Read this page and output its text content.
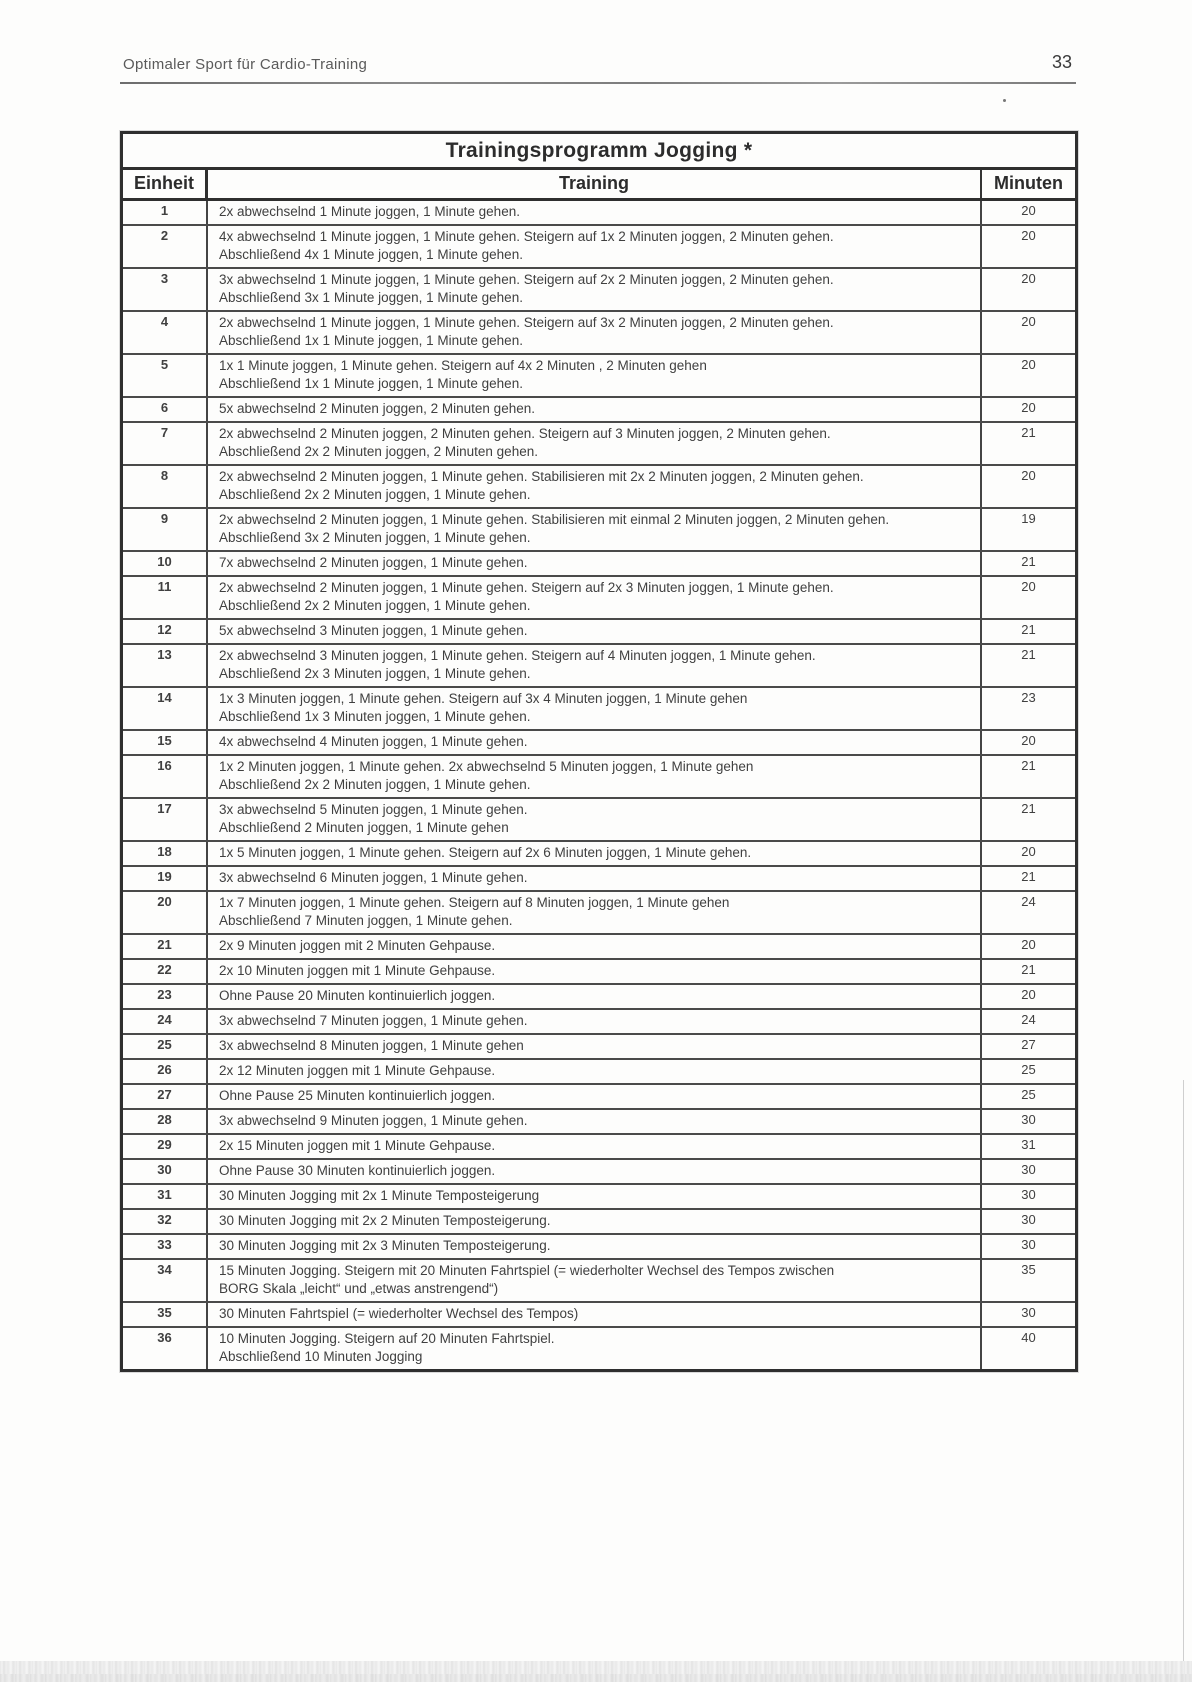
Optimaler Sport für Cardio-Training	33
Trainingsprogramm Jogging *
Einheit	Training	Minuten
1	2x abwechselnd 1 Minute joggen, 1 Minute gehen.	20
2	4x abwechselnd 1 Minute joggen, 1 Minute gehen. Steigern auf 1x 2 Minuten joggen, 2 Minuten gehen.
Abschließend 4x 1 Minute joggen, 1 Minute gehen.
20
3	3x abwechselnd 1 Minute joggen, 1 Minute gehen. Steigern auf 2x 2 Minuten joggen, 2 Minuten gehen.
Abschließend 3x 1 Minute joggen, 1 Minute gehen.
20
4	2x abwechselnd 1 Minute joggen, 1 Minute gehen. Steigern auf 3x 2 Minuten joggen, 2 Minuten gehen.
Abschließend 1x 1 Minute joggen, 1 Minute gehen.
20
5	1x 1 Minute joggen, 1 Minute gehen. Steigern auf 4x 2 Minuten , 2 Minuten gehen
Abschließend 1x 1 Minute joggen, 1 Minute gehen.
20
6	5x abwechselnd 2 Minuten joggen, 2 Minuten gehen.	20
7	2x abwechselnd 2 Minuten joggen, 2 Minuten gehen. Steigern auf 3 Minuten joggen, 2 Minuten gehen.
Abschließend 2x 2 Minuten joggen, 2 Minuten gehen.
21
8	2x abwechselnd 2 Minuten joggen, 1 Minute gehen. Stabilisieren mit 2x 2 Minuten joggen, 2 Minuten gehen.
Abschließend 2x 2 Minuten joggen, 1 Minute gehen.
20
9	2x abwechselnd 2 Minuten joggen, 1 Minute gehen. Stabilisieren mit einmal 2 Minuten joggen, 2 Minuten gehen.
Abschließend 3x 2 Minuten joggen, 1 Minute gehen.
19
10	7x abwechselnd 2 Minuten joggen, 1 Minute gehen.	21
11	2x abwechselnd 2 Minuten joggen, 1 Minute gehen. Steigern auf 2x 3 Minuten joggen, 1 Minute gehen.
Abschließend 2x 2 Minuten joggen, 1 Minute gehen.
20
12	5x abwechselnd 3 Minuten joggen, 1 Minute gehen.	21
13	2x abwechselnd 3 Minuten joggen, 1 Minute gehen. Steigern auf 4 Minuten joggen, 1 Minute gehen.
Abschließend 2x 3 Minuten joggen, 1 Minute gehen.
21
14	1x 3 Minuten joggen, 1 Minute gehen. Steigern auf 3x 4 Minuten joggen, 1 Minute gehen
Abschließend 1x 3 Minuten joggen, 1 Minute gehen.
23
15	4x abwechselnd 4 Minuten joggen, 1 Minute gehen.	20
16	1x 2 Minuten joggen, 1 Minute gehen. 2x abwechselnd 5 Minuten joggen, 1 Minute gehen
Abschließend 2x 2 Minuten joggen, 1 Minute gehen.
21
17	3x abwechselnd 5 Minuten joggen, 1 Minute gehen.
Abschließend 2 Minuten joggen, 1 Minute gehen
21
18	1x 5 Minuten joggen, 1 Minute gehen. Steigern auf 2x 6 Minuten joggen, 1 Minute gehen.	20
19	3x abwechselnd 6 Minuten joggen, 1 Minute gehen.	21
20	1x 7 Minuten joggen, 1 Minute gehen. Steigern auf 8 Minuten joggen, 1 Minute gehen
Abschließend 7 Minuten joggen, 1 Minute gehen.
24
21	2x 9 Minuten joggen mit 2 Minuten Gehpause.	20
22	2x 10 Minuten joggen mit 1 Minute Gehpause.	21
23	Ohne Pause 20 Minuten kontinuierlich joggen.	20
24	3x abwechselnd 7 Minuten joggen, 1 Minute gehen.	24
25	3x abwechselnd 8 Minuten joggen, 1 Minute gehen	27
26	2x 12 Minuten joggen mit 1 Minute Gehpause.	25
27	Ohne Pause 25 Minuten kontinuierlich joggen.	25
28	3x abwechselnd 9 Minuten joggen, 1 Minute gehen.	30
29	2x 15 Minuten joggen mit 1 Minute Gehpause.	31
30	Ohne Pause 30 Minuten kontinuierlich joggen.	30
31	30 Minuten Jogging mit 2x 1 Minute Temposteigerung	30
32	30 Minuten Jogging mit 2x 2 Minuten Temposteigerung.	30
33	30 Minuten Jogging mit 2x 3 Minuten Temposteigerung.	30
34	15 Minuten Jogging. Steigern mit 20 Minuten Fahrtspiel (= wiederholter Wechsel des Tempos zwischen
BORG Skala „leicht“ und „etwas anstrengend“)
35
35	30 Minuten Fahrtspiel (= wiederholter Wechsel des Tempos)	30
36	10 Minuten Jogging. Steigern auf 20 Minuten Fahrtspiel.
Abschließend 10 Minuten Jogging
40
